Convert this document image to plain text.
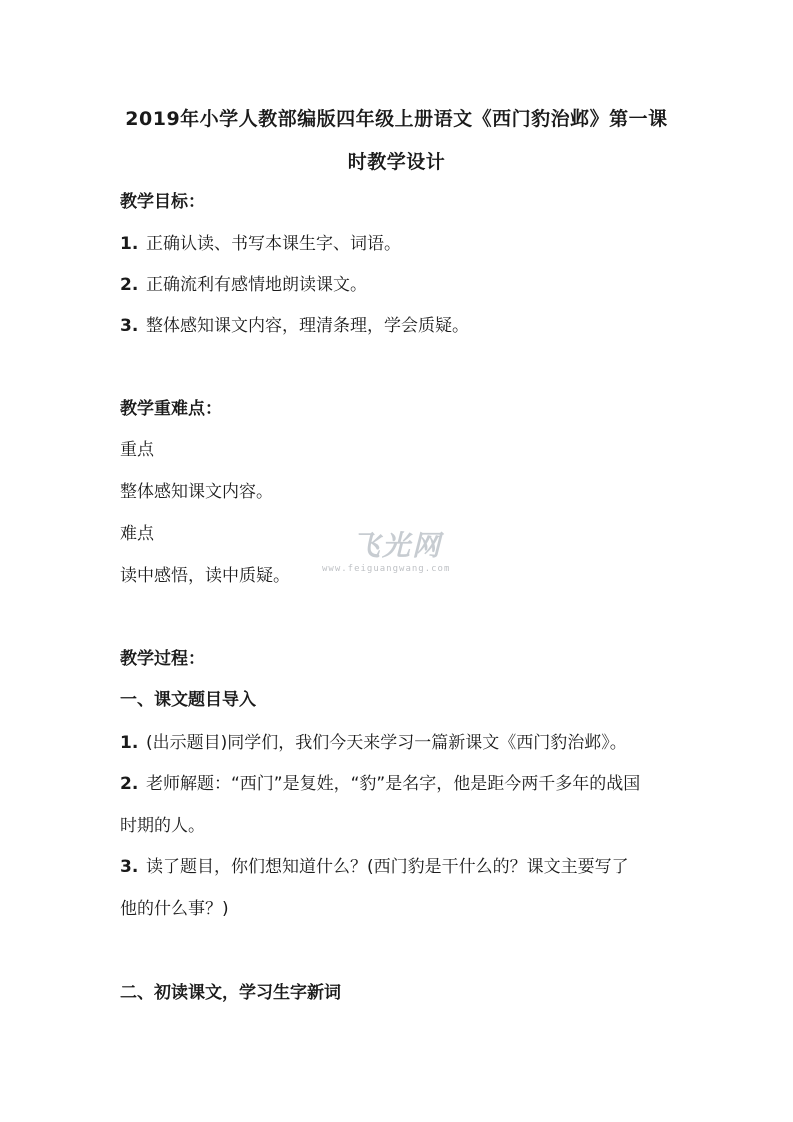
2019年小学人教部编版四年级上册语文《西门豹治邺》第一课
时教学设计
教学目标：
1. 正确认读、书写本课生字、词语。
2. 正确流利有感情地朗读课文。
3. 整体感知课文内容，理清条理，学会质疑。
教学重难点：
重点
整体感知课文内容。
难点
读中感悟，读中质疑。
飞光网
www.feiguangwang.com
教学过程：
一、课文题目导入
1. (出示题目)同学们，我们今天来学习一篇新课文《西门豹治邺》。
2. 老师解题：“西门”是复姓，“豹”是名字，他是距今两千多年的战国
时期的人。
3. 读了题目，你们想知道什么？(西门豹是干什么的？课文主要写了
他的什么事？)
二、初读课文，学习生字新词
